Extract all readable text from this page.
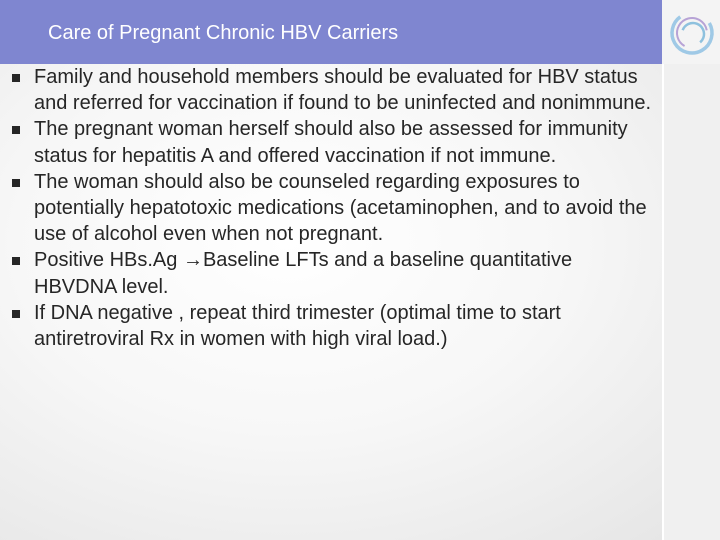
Care of Pregnant Chronic HBV Carriers
Family and household members should be evaluated for HBV status and referred for vaccination if found to be uninfected and nonimmune.
The pregnant woman herself should also be assessed for immunity status for hepatitis A and offered vaccination if not immune.
The woman should also be counseled regarding exposures to potentially hepatotoxic medications (acetaminophen, and to avoid the use of alcohol even when not pregnant.
Positive HBs.Ag →Baseline LFTs and a baseline quantitative HBVDNA level.
If DNA negative , repeat third trimester (optimal time to start antiretroviral Rx in women with high viral load.)
